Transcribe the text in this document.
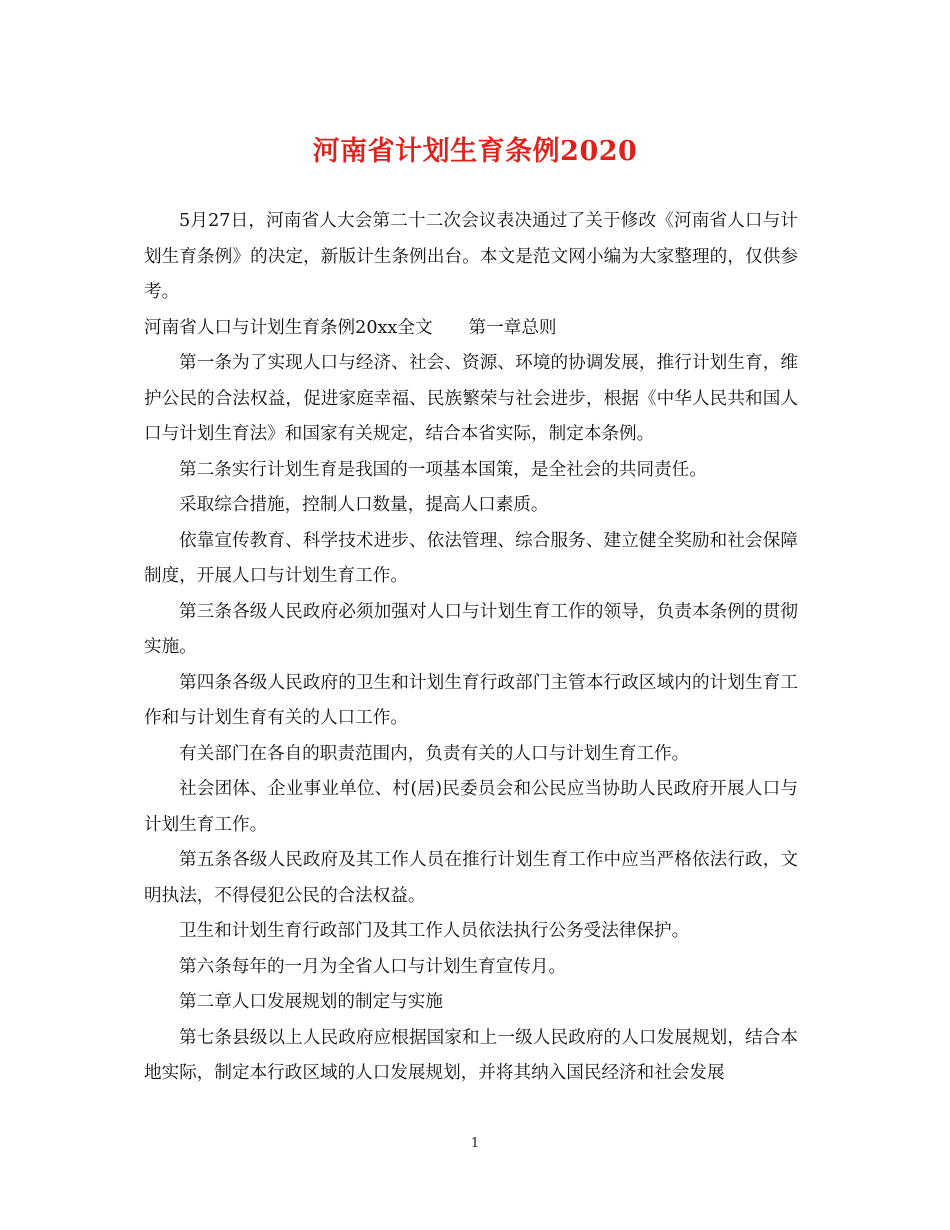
河南省计划生育条例2020

5月27日，河南省人大会第二十二次会议表决通过了关于修改《河南省人口与计划生育条例》的决定，新版计生条例出台。本文是范文网小编为大家整理的，仅供参考。

河南省人口与计划生育条例20xx全文 第一章总则

第一条为了实现人口与经济、社会、资源、环境的协调发展，推行计划生育，维护公民的合法权益，促进家庭幸福、民族繁荣与社会进步，根据《中华人民共和国人口与计划生育法》和国家有关规定，结合本省实际，制定本条例。

第二条实行计划生育是我国的一项基本国策，是全社会的共同责任。

采取综合措施，控制人口数量，提高人口素质。

依靠宣传教育、科学技术进步、依法管理、综合服务、建立健全奖励和社会保障制度，开展人口与计划生育工作。

第三条各级人民政府必须加强对人口与计划生育工作的领导，负责本条例的贯彻实施。

第四条各级人民政府的卫生和计划生育行政部门主管本行政区域内的计划生育工作和与计划生育有关的人口工作。

有关部门在各自的职责范围内，负责有关的人口与计划生育工作。

社会团体、企业事业单位、村(居)民委员会和公民应当协助人民政府开展人口与计划生育工作。

第五条各级人民政府及其工作人员在推行计划生育工作中应当严格依法行政，文明执法，不得侵犯公民的合法权益。

卫生和计划生育行政部门及其工作人员依法执行公务受法律保护。

第六条每年的一月为全省人口与计划生育宣传月。

第二章人口发展规划的制定与实施

第七条县级以上人民政府应根据国家和上一级人民政府的人口发展规划，结合本地实际，制定本行政区域的人口发展规划，并将其纳入国民经济和社会发展

1
